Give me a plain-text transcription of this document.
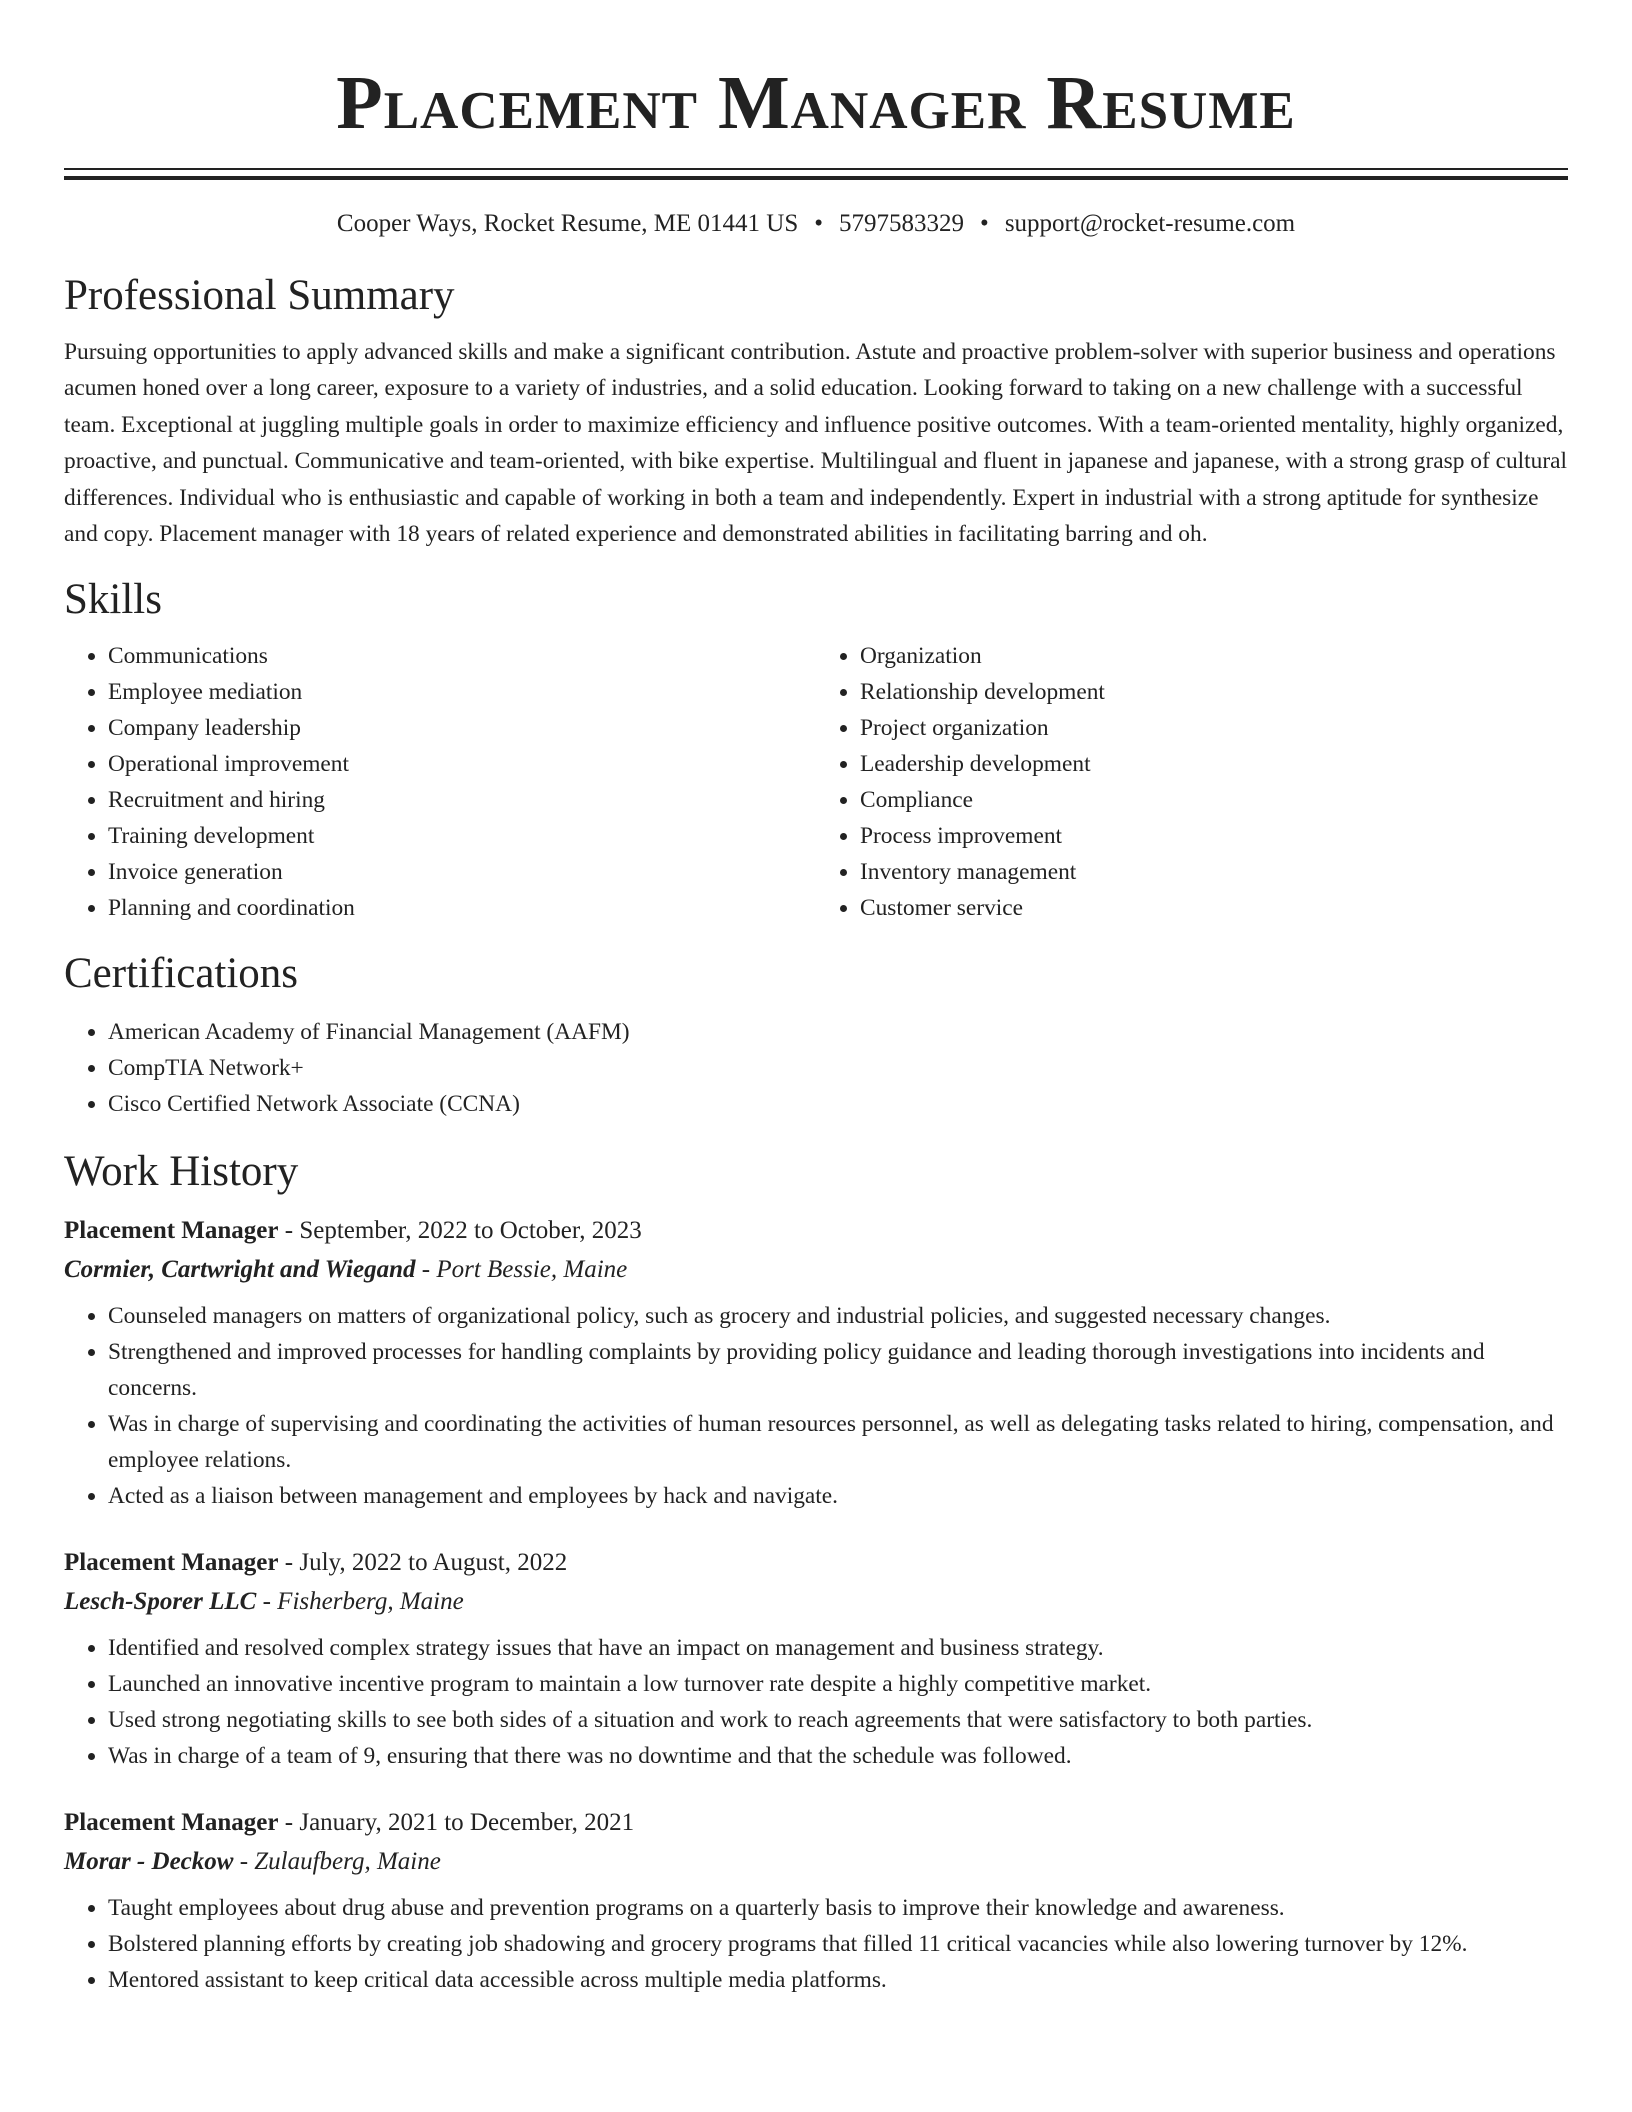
Placement Manager Resume
Cooper Ways, Rocket Resume, ME 01441 US • 5797583329 • support@rocket-resume.com
Professional Summary
Pursuing opportunities to apply advanced skills and make a significant contribution. Astute and proactive problem-solver with superior business and operations acumen honed over a long career, exposure to a variety of industries, and a solid education. Looking forward to taking on a new challenge with a successful team. Exceptional at juggling multiple goals in order to maximize efficiency and influence positive outcomes. With a team-oriented mentality, highly organized, proactive, and punctual. Communicative and team-oriented, with bike expertise. Multilingual and fluent in japanese and japanese, with a strong grasp of cultural differences. Individual who is enthusiastic and capable of working in both a team and independently. Expert in industrial with a strong aptitude for synthesize and copy. Placement manager with 18 years of related experience and demonstrated abilities in facilitating barring and oh.
Skills
• Communications
• Employee mediation
• Company leadership
• Operational improvement
• Recruitment and hiring
• Training development
• Invoice generation
• Planning and coordination
• Organization
• Relationship development
• Project organization
• Leadership development
• Compliance
• Process improvement
• Inventory management
• Customer service
Certifications
• American Academy of Financial Management (AAFM)
• CompTIA Network+
• Cisco Certified Network Associate (CCNA)
Work History
Placement Manager - September, 2022 to October, 2023
Cormier, Cartwright and Wiegand - Port Bessie, Maine
• Counseled managers on matters of organizational policy, such as grocery and industrial policies, and suggested necessary changes.
• Strengthened and improved processes for handling complaints by providing policy guidance and leading thorough investigations into incidents and concerns.
• Was in charge of supervising and coordinating the activities of human resources personnel, as well as delegating tasks related to hiring, compensation, and employee relations.
• Acted as a liaison between management and employees by hack and navigate.
Placement Manager - July, 2022 to August, 2022
Lesch-Sporer LLC - Fisherberg, Maine
• Identified and resolved complex strategy issues that have an impact on management and business strategy.
• Launched an innovative incentive program to maintain a low turnover rate despite a highly competitive market.
• Used strong negotiating skills to see both sides of a situation and work to reach agreements that were satisfactory to both parties.
• Was in charge of a team of 9, ensuring that there was no downtime and that the schedule was followed.
Placement Manager - January, 2021 to December, 2021
Morar - Deckow - Zulaufberg, Maine
• Taught employees about drug abuse and prevention programs on a quarterly basis to improve their knowledge and awareness.
• Bolstered planning efforts by creating job shadowing and grocery programs that filled 11 critical vacancies while also lowering turnover by 12%.
• Mentored assistant to keep critical data accessible across multiple media platforms.
